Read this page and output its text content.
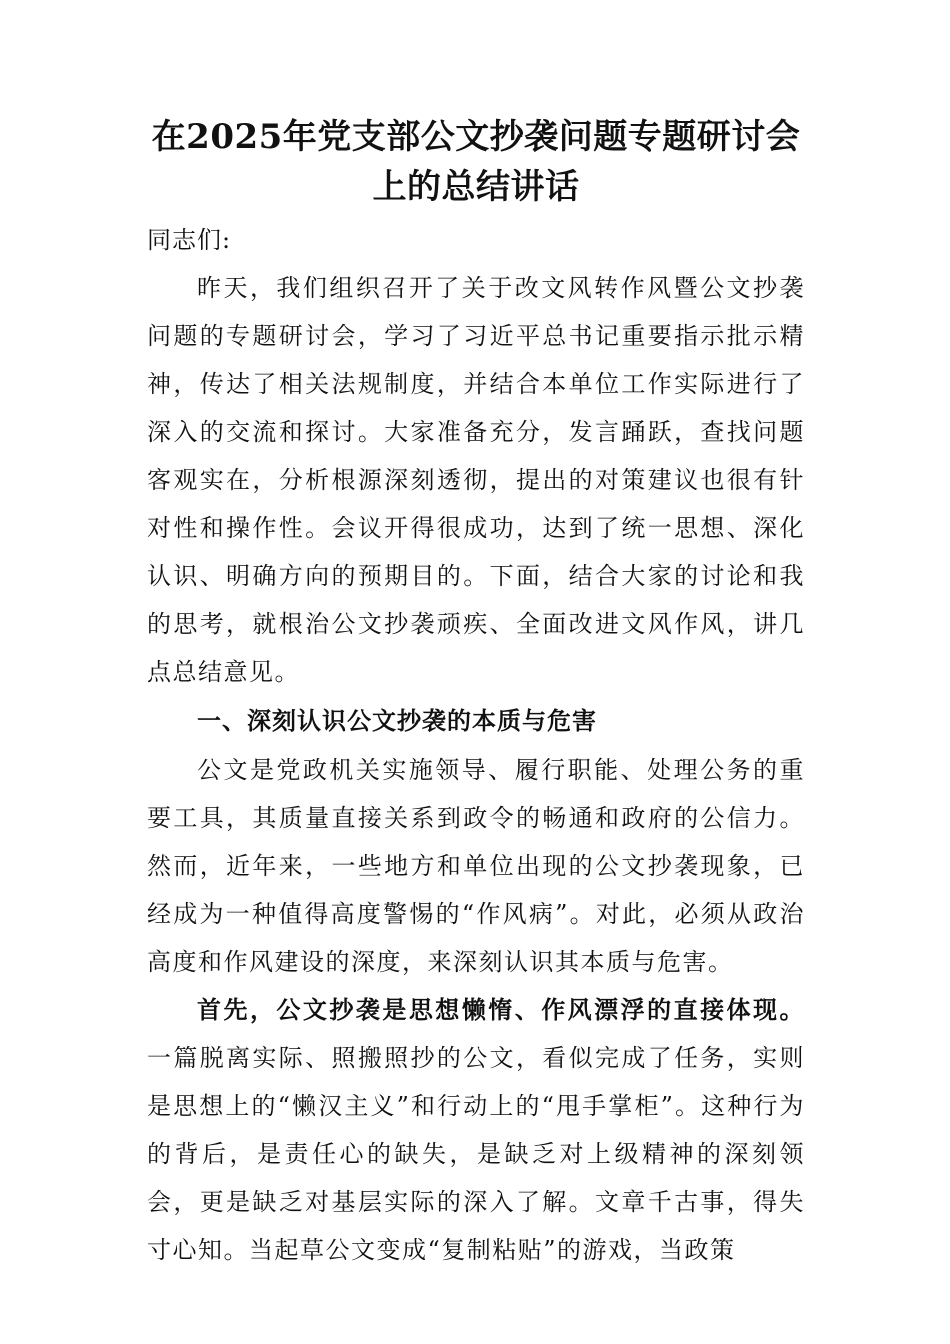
在2025年党支部公文抄袭问题专题研讨会上的总结讲话

同志们:

昨天，我们组织召开了关于改文风转作风暨公文抄袭问题的专题研讨会，学习了习近平总书记重要指示批示精神，传达了相关法规制度，并结合本单位工作实际进行了深入的交流和探讨。大家准备充分，发言踊跃，查找问题客观实在，分析根源深刻透彻，提出的对策建议也很有针对性和操作性。会议开得很成功，达到了统一思想、深化认识、明确方向的预期目的。下面，结合大家的讨论和我的思考，就根治公文抄袭顽疾、全面改进文风作风，讲几点总结意见。

一、深刻认识公文抄袭的本质与危害

公文是党政机关实施领导、履行职能、处理公务的重要工具，其质量直接关系到政令的畅通和政府的公信力。然而，近年来，一些地方和单位出现的公文抄袭现象，已经成为一种值得高度警惕的“作风病”。对此，必须从政治高度和作风建设的深度，来深刻认识其本质与危害。

首先，公文抄袭是思想懒惰、作风漂浮的直接体现。一篇脱离实际、照搬照抄的公文，看似完成了任务，实则是思想上的“懒汉主义”和行动上的“甩手掌柜”。这种行为的背后，是责任心的缺失，是缺乏对上级精神的深刻领会，更是缺乏对基层实际的深入了解。文章千古事，得失寸心知。当起草公文变成“复制粘贴”的游戏，当政策
